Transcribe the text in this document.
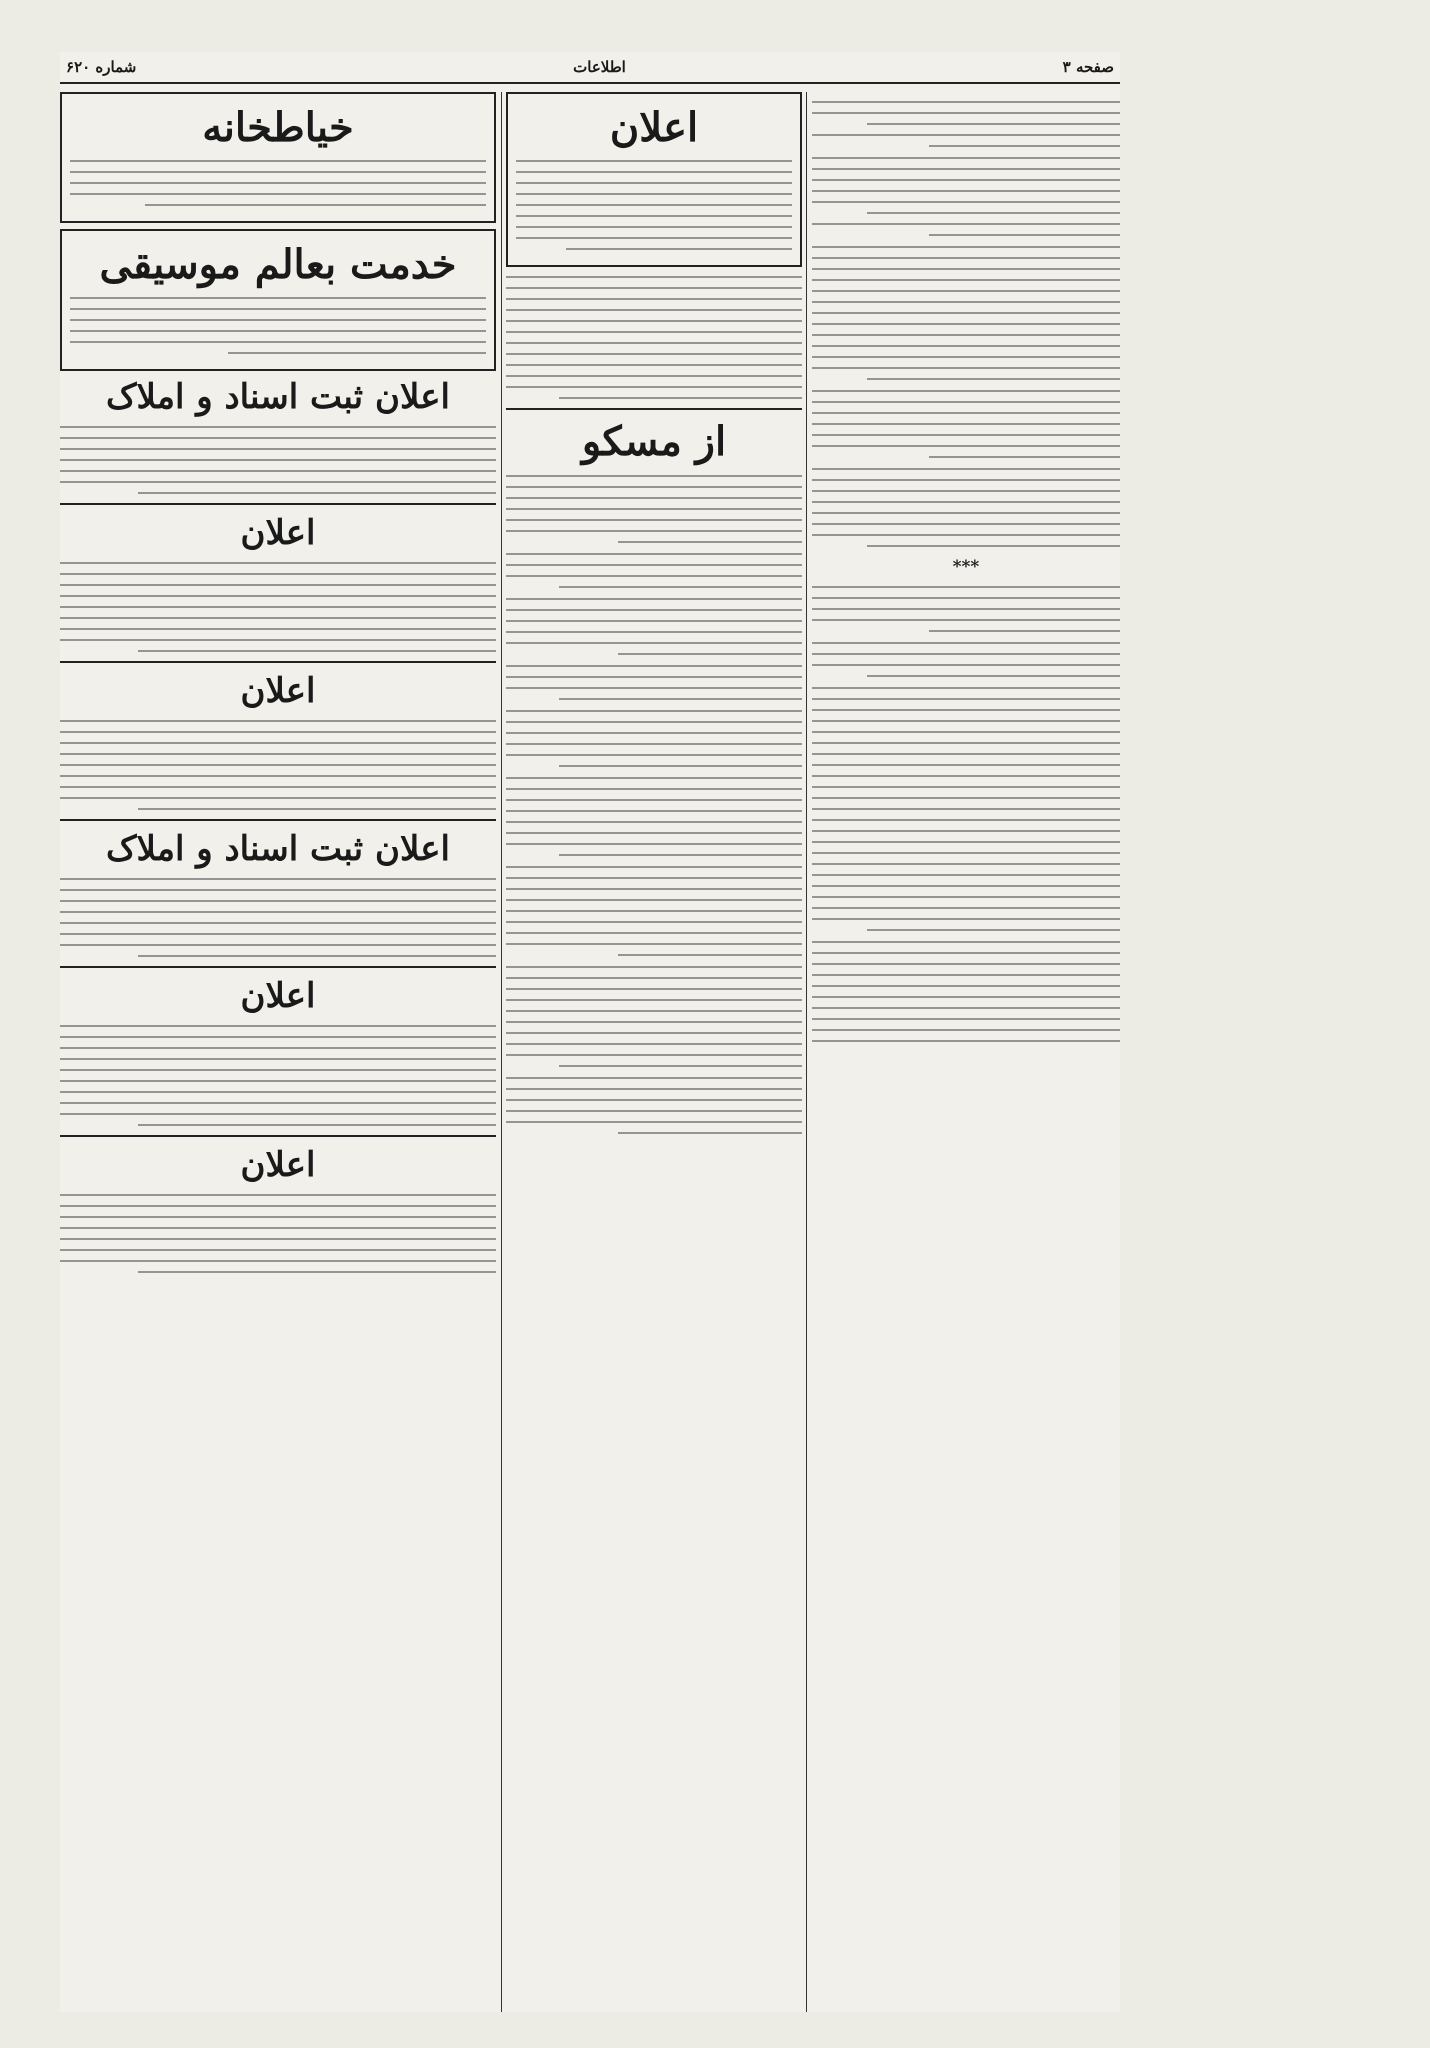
صفحه ۳
اطلاعات
شماره ۶۲۰
***
اعلان
از مسکو
خیاطخانه
خدمت بعالم موسیقی
اعلان ثبت اسناد و املاک
اعلان
اعلان
اعلان ثبت اسناد و املاک
اعلان
اعلان
